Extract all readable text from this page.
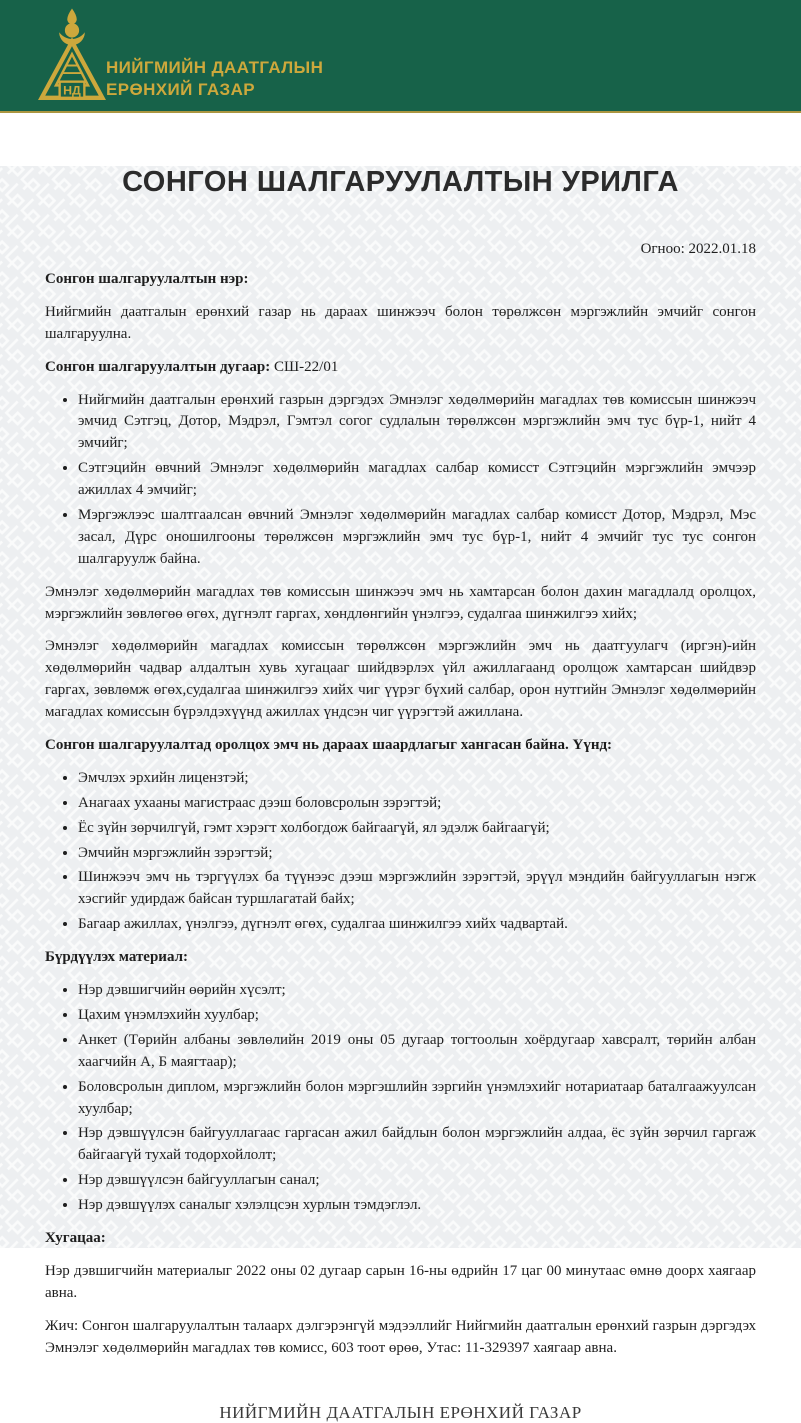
НД
НИЙГМИЙН ДААТГАЛЫН
ЕРӨНХИЙ ГАЗАР
СОНГОН ШАЛГАРУУЛАЛТЫН УРИЛГА
Огноо: 2022.01.18

Сонгон шалгаруулалтын нэр:

Нийгмийн даатгалын ерөнхий газар нь дараах шинжээч болон төрөлжсөн мэргэжлийн эмчийг сонгон шалгаруулна.

Сонгон шалгаруулалтын дугаар: СШ-22/01

• Нийгмийн даатгалын ерөнхий газрын дэргэдэх Эмнэлэг хөдөлмөрийн магадлах төв комиссын шинжээч эмчид Сэтгэц, Дотор, Мэдрэл, Гэмтэл согог судлалын төрөлжсөн мэргэжлийн эмч тус бүр-1, нийт 4 эмчийг;
• Сэтгэцийн өвчний Эмнэлэг хөдөлмөрийн магадлах салбар комисст Сэтгэцийн мэргэжлийн эмчээр ажиллах 4 эмчийг;
• Мэргэжлээс шалтгаалсан өвчний Эмнэлэг хөдөлмөрийн магадлах салбар комисст Дотор, Мэдрэл, Мэс засал, Дүрс оношилгооны төрөлжсөн мэргэжлийн эмч тус бүр-1, нийт 4 эмчийг тус тус сонгон шалгаруулж байна.

Эмнэлэг хөдөлмөрийн магадлах төв комиссын шинжээч эмч нь хамтарсан болон дахин магадлалд оролцох, мэргэжлийн зөвлөгөө өгөх, дүгнэлт гаргах, хөндлөнгийн үнэлгээ, судалгаа шинжилгээ хийх;

Эмнэлэг хөдөлмөрийн магадлах комиссын төрөлжсөн мэргэжлийн эмч нь даатгуулагч (иргэн)-ийн хөдөлмөрийн чадвар алдалтын хувь хугацааг шийдвэрлэх үйл ажиллагаанд оролцож хамтарсан шийдвэр гаргах, зөвлөмж өгөх,судалгаа шинжилгээ хийх чиг үүрэг бүхий салбар, орон нутгийн Эмнэлэг хөдөлмөрийн магадлах комиссын бүрэлдэхүүнд ажиллах үндсэн чиг үүрэгтэй ажиллана.

Сонгон шалгаруулалтад оролцох эмч нь дараах шаардлагыг хангасан байна. Үүнд:

• Эмчлэх эрхийн лицензтэй;
• Анагаах ухааны магистраас дээш боловсролын зэрэгтэй;
• Ёс зүйн зөрчилгүй, гэмт хэрэгт холбогдож байгаагүй, ял эдэлж байгаагүй;
• Эмчийн мэргэжлийн зэрэгтэй;
• Шинжээч эмч нь тэргүүлэх ба түүнээс дээш мэргэжлийн зэрэгтэй, эрүүл мэндийн байгууллагын нэгж хэсгийг удирдаж байсан туршлагатай байх;
• Багаар ажиллах, үнэлгээ, дүгнэлт өгөх, судалгаа шинжилгээ хийх чадвартай.

Бүрдүүлэх материал:

• Нэр дэвшигчийн өөрийн хүсэлт;
• Цахим үнэмлэхийн хуулбар;
• Анкет (Төрийн албаны зөвлөлийн 2019 оны 05 дугаар тогтоолын хоёрдугаар хавсралт, төрийн албан хаагчийн А, Б маягтаар);
• Боловсролын диплом, мэргэжлийн болон мэргэшлийн зэргийн үнэмлэхийг нотариатаар баталгаажуулсан хуулбар;
• Нэр дэвшүүлсэн байгууллагаас гаргасан ажил байдлын болон мэргэжлийн алдаа, ёс зүйн зөрчил гаргаж байгаагүй тухай тодорхойлолт;
• Нэр дэвшүүлсэн байгууллагын санал;
• Нэр дэвшүүлэх саналыг хэлэлцсэн хурлын тэмдэглэл.

Хугацаа:

Нэр дэвшигчийн материалыг 2022 оны 02 дугаар сарын 16-ны өдрийн 17 цаг 00 минутаас өмнө доорх хаягаар авна.

Жич: Сонгон шалгаруулалтын талаарх дэлгэрэнгүй мэдээллийг Нийгмийн даатгалын ерөнхий газрын дэргэдэх Эмнэлэг хөдөлмөрийн магадлах төв комисс, 603 тоот өрөө, Утас: 11-329397 хаягаар авна.

НИЙГМИЙН ДААТГАЛЫН ЕРӨНХИЙ ГАЗАР
